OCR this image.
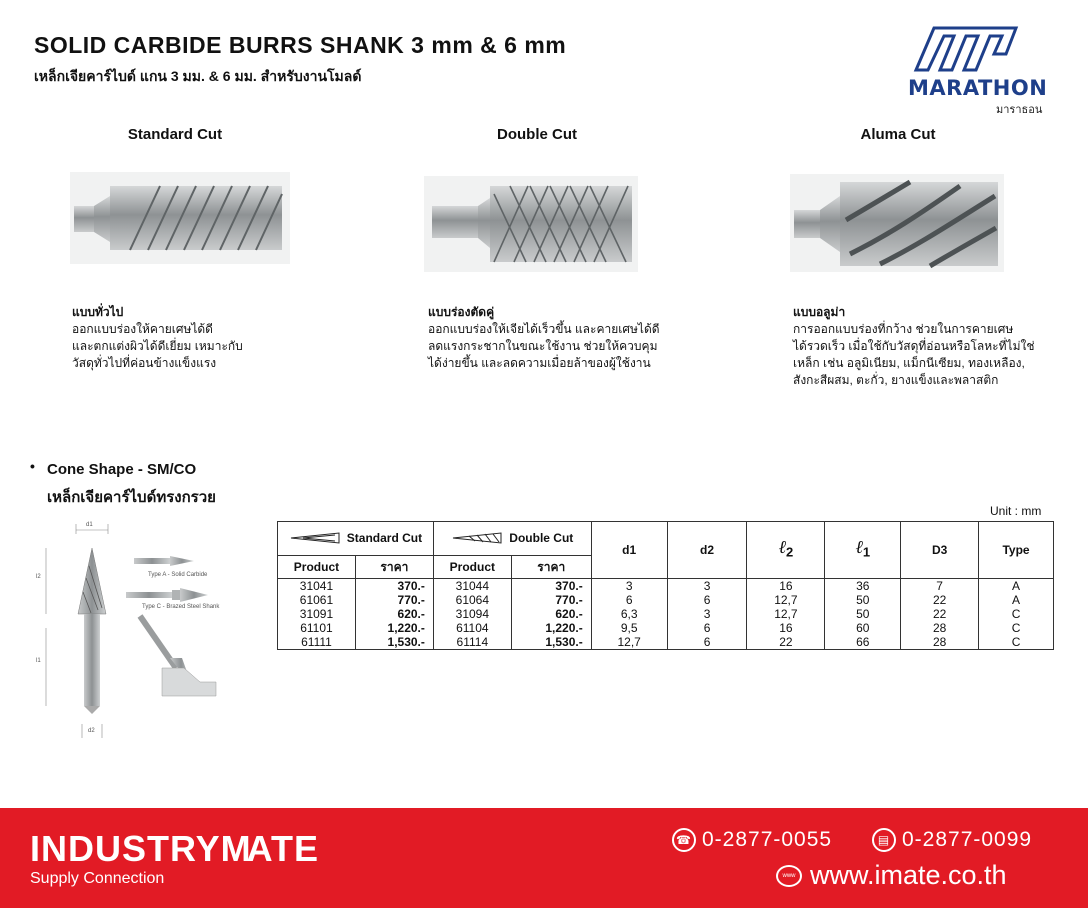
SOLID CARBIDE BURRS SHANK 3 mm & 6 mm
เหล็กเจียคาร์ไบด์ แกน 3 มม. & 6 มม. สำหรับงานโมลด์	MARATHON
มาราธอน
Standard Cut
แบบทั่วไป
ออกแบบร่องให้คายเศษได้ดี
และตกแต่งผิวได้ดีเยี่ยม เหมาะกับ
วัสดุทั่วไปที่ค่อนข้างแข็งแรง
Double Cut
แบบร่องตัดคู่
ออกแบบร่องให้เจียได้เร็วขึ้น และคายเศษได้ดี
ลดแรงกระชากในขณะใช้งาน ช่วยให้ควบคุม
ได้ง่ายขึ้น และลดความเมื่อยล้าของผู้ใช้งาน
Aluma Cut
แบบอลูม่า
การออกแบบร่องที่กว้าง ช่วยในการคายเศษ
ได้รวดเร็ว เมื่อใช้กับวัสดุที่อ่อนหรือโลหะที่ไม่ใช่
เหล็ก เช่น อลูมิเนียม, แม็กนีเซียม, ทองเหลือง,
สังกะสีผสม, ตะกั่ว, ยางแข็งและพลาสติก
• Cone Shape - SM/CO
เหล็กเจียคาร์ไบด์ทรงกรวย
Unit : mm
d1
l2
l1
d2
Type A - Solid Carbide
Type C - Brazed Steel Shank
Standard Cut		Double Cut		d1	d2	ℓ$_2$	ℓ$_1$	D3	Type
Product	ราคา	Product	ราคา						
31041	370.-	31044	370.-	3	3	16	36	7	A
61061	770.-	61064	770.-	6	6	12,7	50	22	A
31091	620.-	31094	620.-	6,3	3	12,7	50	22	C
61101	1,220.-	61104	1,220.-	9,5	6	16	60	28	C
61111	1,530.-	61114	1,530.-	12,7	6	22	66	28	C
INDUSTRYMATE
Supply Connection
☎ 0-2877-0055	▤ 0-2877-0099
www www.imate.co.th
